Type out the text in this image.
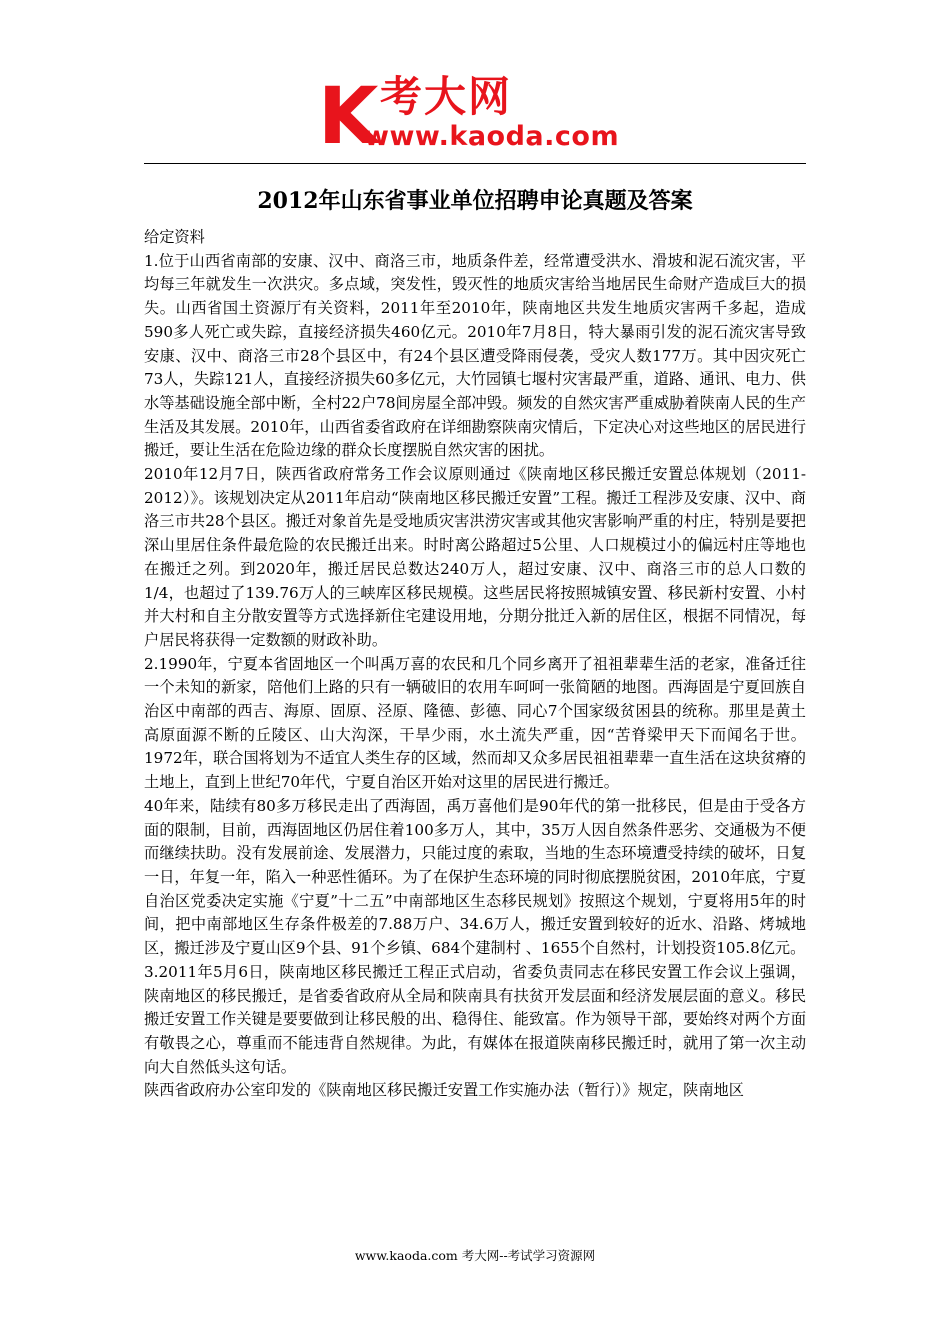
K 考大网
www.kaoda.com
2012年山东省事业单位招聘申论真题及答案

给定资料

1.位于山西省南部的安康、汉中、商洛三市，地质条件差，经常遭受洪水、滑坡和泥石流灾害，平均每三年就发生一次洪灾。多点域，突发性，毁灭性的地质灾害给当地居民生命财产造成巨大的损失。山西省国土资源厅有关资料，2011年至2010年，陕南地区共发生地质灾害两千多起，造成590多人死亡或失踪，直接经济损失460亿元。2010年7月8日，特大暴雨引发的泥石流灾害导致安康、汉中、商洛三市28个县区中，有24个县区遭受降雨侵袭，受灾人数177万。其中因灾死亡73人，失踪121人，直接经济损失60多亿元，大竹园镇七堰村灾害最严重，道路、通讯、电力、供水等基础设施全部中断，全村22户78间房屋全部冲毁。频发的自然灾害严重威胁着陕南人民的生产生活及其发展。2010年，山西省委省政府在详细勘察陕南灾情后，下定决心对这些地区的居民进行搬迁，要让生活在危险边缘的群众长度摆脱自然灾害的困扰。

2010年12月7日，陕西省政府常务工作会议原则通过《陕南地区移民搬迁安置总体规划（2011-2012）》。该规划决定从2011年启动“陕南地区移民搬迁安置”工程。搬迁工程涉及安康、汉中、商洛三市共28个县区。搬迁对象首先是受地质灾害洪涝灾害或其他灾害影响严重的村庄，特别是要把深山里居住条件最危险的农民搬迁出来。时时离公路超过5公里、人口规模过小的偏远村庄等地也在搬迁之列。到2020年，搬迁居民总数达240万人，超过安康、汉中、商洛三市的总人口数的1/4，也超过了139.76万人的三峡库区移民规模。这些居民将按照城镇安置、移民新村安置、小村并大村和自主分散安置等方式选择新住宅建设用地，分期分批迁入新的居住区，根据不同情况，每户居民将获得一定数额的财政补助。

2.1990年，宁夏本省固地区一个叫禹万喜的农民和几个同乡离开了祖祖辈辈生活的老家，准备迁往一个未知的新家，陪他们上路的只有一辆破旧的农用车呵呵一张简陋的地图。西海固是宁夏回族自治区中南部的西吉、海原、固原、泾原、隆德、彭德、同心7个国家级贫困县的统称。那里是黄土高原面源不断的丘陵区、山大沟深，干旱少雨，水土流失严重，因“苦脊梁甲天下而闻名于世。1972年，联合国将划为不适宜人类生存的区域，然而却又众多居民祖祖辈辈一直生活在这块贫瘠的土地上，直到上世纪70年代，宁夏自治区开始对这里的居民进行搬迁。

40年来，陆续有80多万移民走出了西海固，禹万喜他们是90年代的第一批移民，但是由于受各方面的限制，目前，西海固地区仍居住着100多万人，其中，35万人因自然条件恶劣、交通极为不便而继续扶助。没有发展前途、发展潜力，只能过度的索取，当地的生态环境遭受持续的破坏，日复一日，年复一年，陷入一种恶性循环。为了在保护生态环境的同时彻底摆脱贫困，2010年底，宁夏自治区党委决定实施《宁夏”十二五”中南部地区生态移民规划》按照这个规划，宁夏将用5年的时间，把中南部地区生存条件极差的7.88万户、34.6万人，搬迁安置到较好的近水、沿路、烤城地区，搬迁涉及宁夏山区9个县、91个乡镇、684个建制村 、1655个自然村，计划投资105.8亿元。

3.2011年5月6日，陕南地区移民搬迁工程正式启动，省委负责同志在移民安置工作会议上强调，陕南地区的移民搬迁，是省委省政府从全局和陕南具有扶贫开发层面和经济发展层面的意义。移民搬迁安置工作关键是要要做到让移民般的出、稳得住、能致富。作为领导干部，要始终对两个方面有敬畏之心，尊重而不能违背自然规律。为此，有媒体在报道陕南移民搬迁时，就用了第一次主动向大自然低头这句话。

陕西省政府办公室印发的《陕南地区移民搬迁安置工作实施办法（暂行）》规定，陕南地区

www.kaoda.com 考大网--考试学习资源网
